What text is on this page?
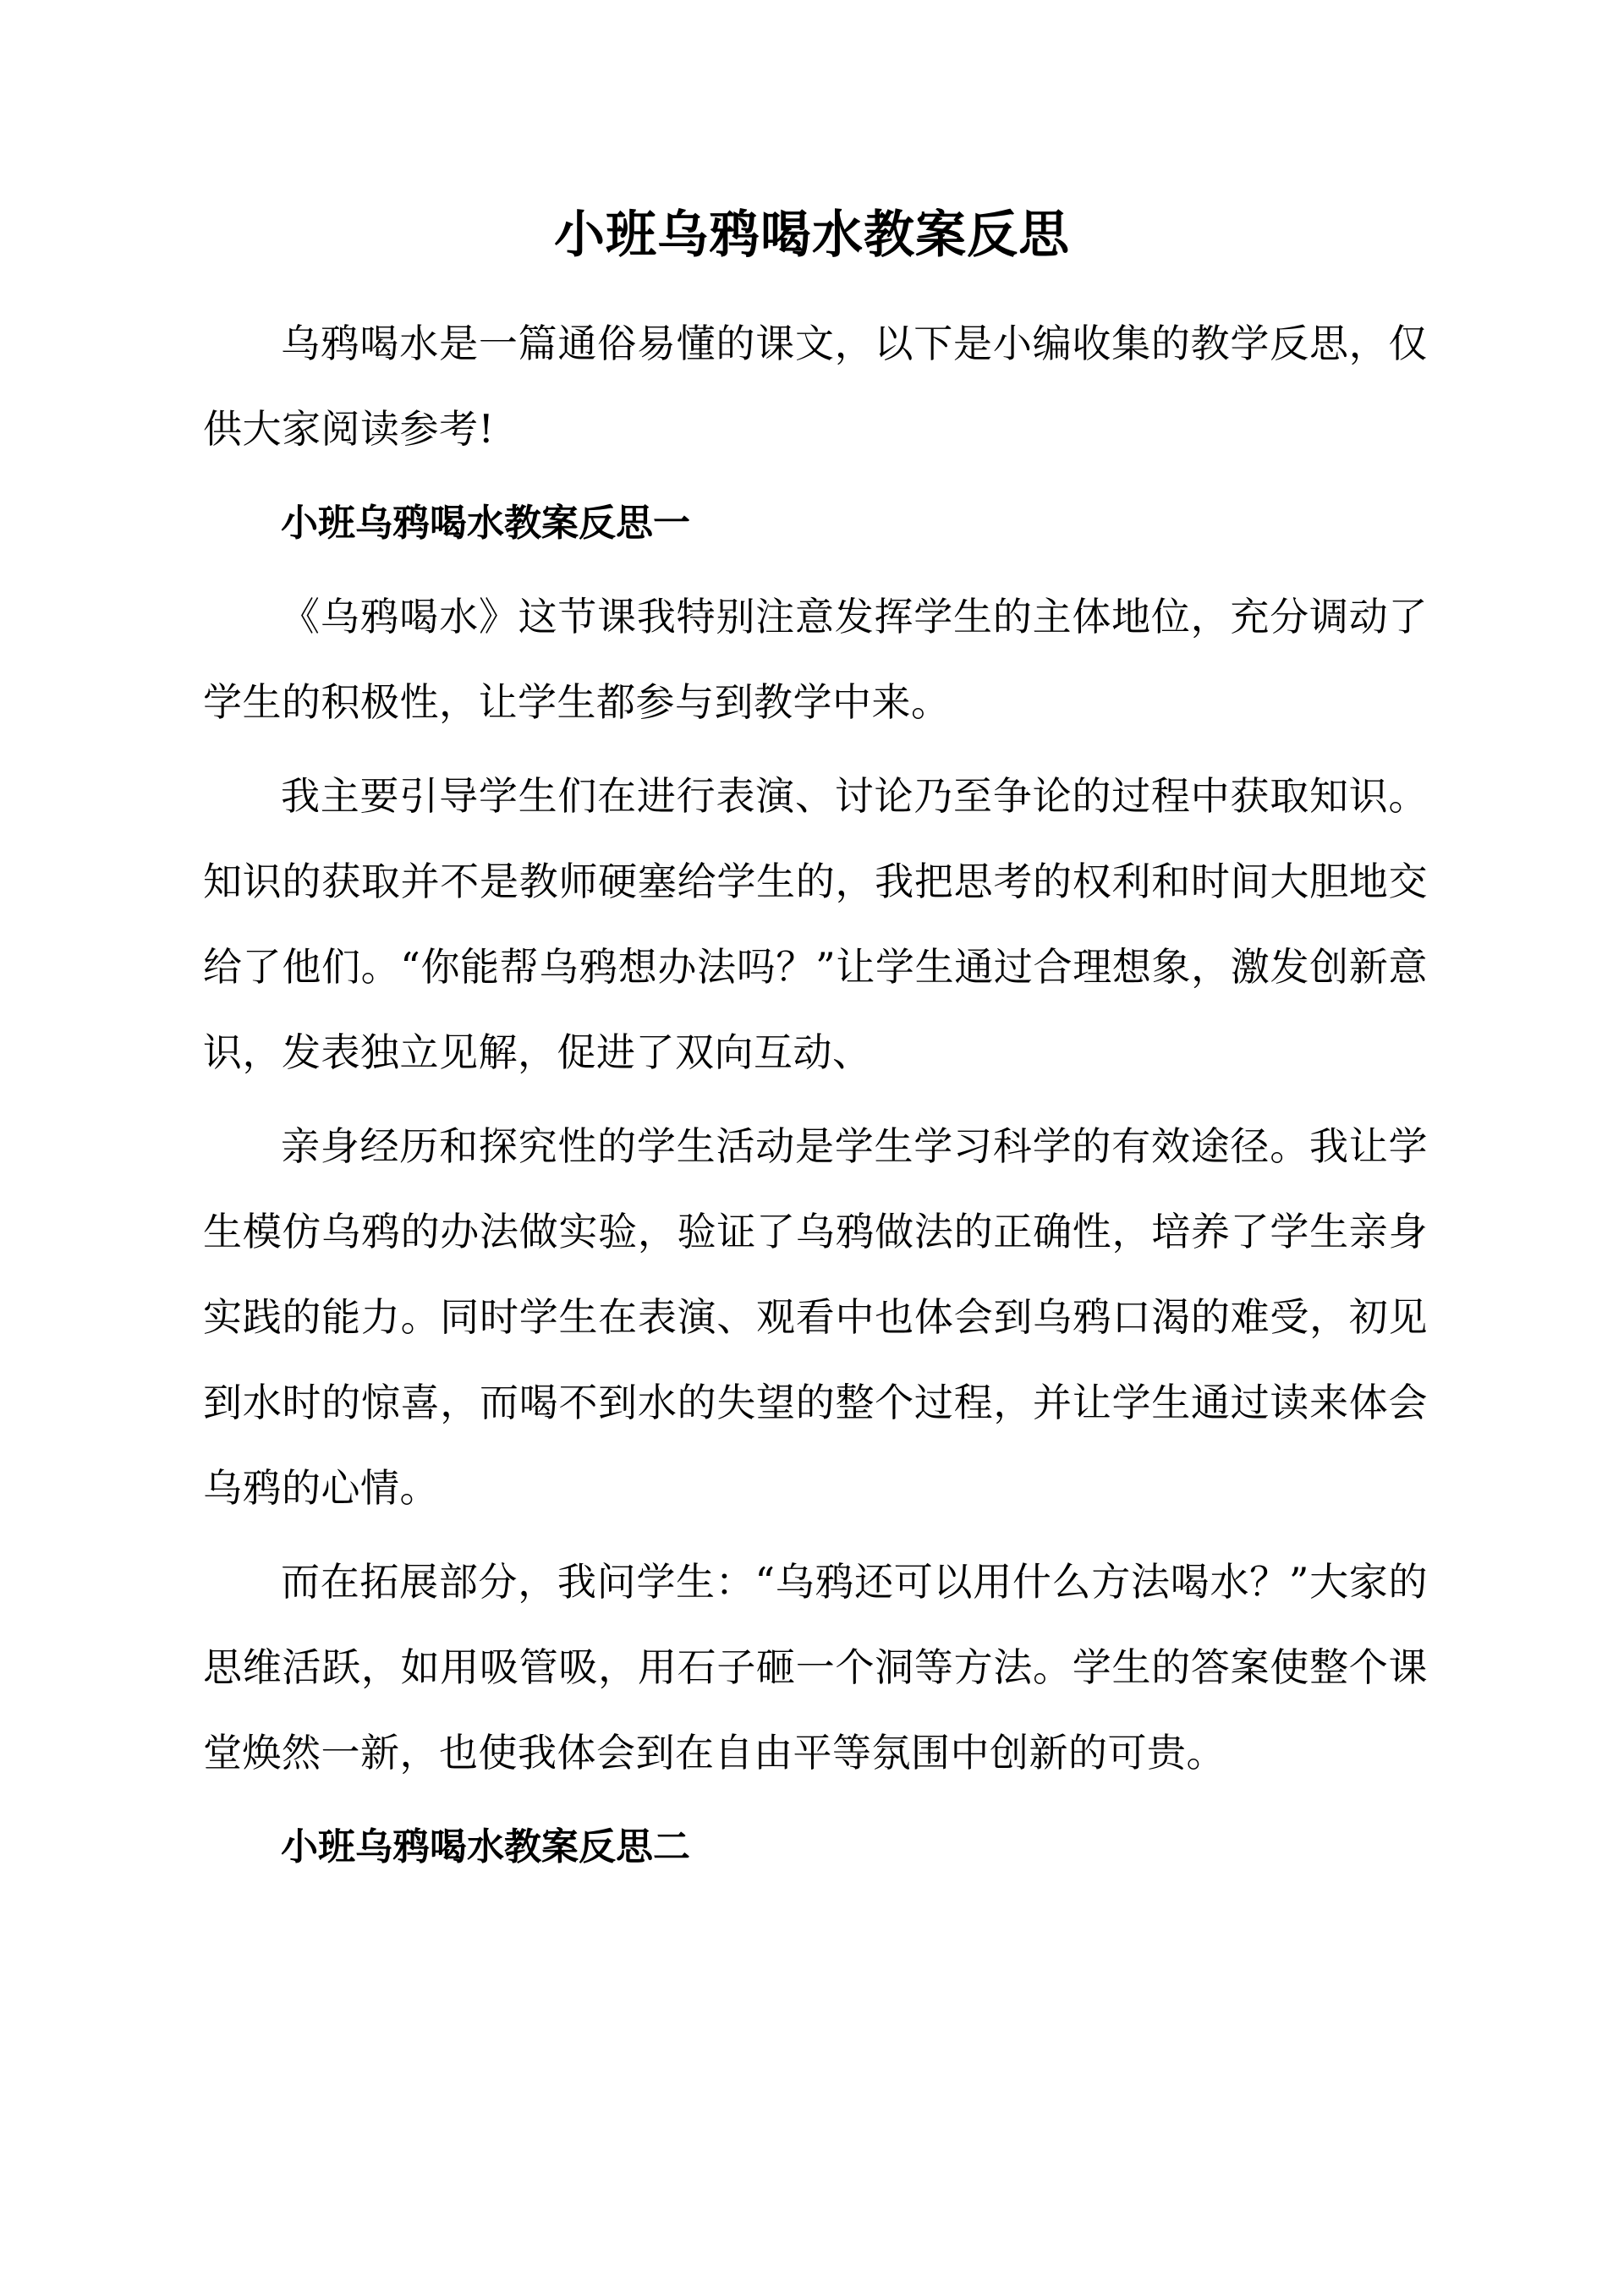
小班乌鸦喝水教案反思

乌鸦喝水是一篇通俗易懂的课文，以下是小编收集的教学反思，仅供大家阅读参考!

小班乌鸦喝水教案反思一

《乌鸦喝水》这节课我特别注意发挥学生的主体地位，充分调动了学生的积极性，让学生都参与到教学中来。

我主要引导学生们在进行表演、讨论乃至争论的过程中获取知识。知识的获取并不是教师硬塞给学生的，我把思考的权利和时间大胆地交给了他们。“你能帮乌鸦想办法吗？”让学生通过合理想象，激发创新意识，发表独立见解，促进了双向互动、

亲身经历和探究性的学生活动是学生学习科学的有效途径。我让学生模仿乌鸦的办法做实验，验证了乌鸦做法的正确性，培养了学生亲身实践的能力。同时学生在表演、观看中也体会到乌鸦口渴的难受，初见到水时的惊喜，而喝不到水的失望的整个过程，并让学生通过读来体会乌鸦的心情。

而在拓展部分，我问学生：“乌鸦还可以用什么方法喝水？”大家的思维活跃，如用吸管吸，用石子砸一个洞等方法。学生的答案使整个课堂焕然一新，也使我体会到在自由平等氛围中创新的可贵。

小班乌鸦喝水教案反思二
